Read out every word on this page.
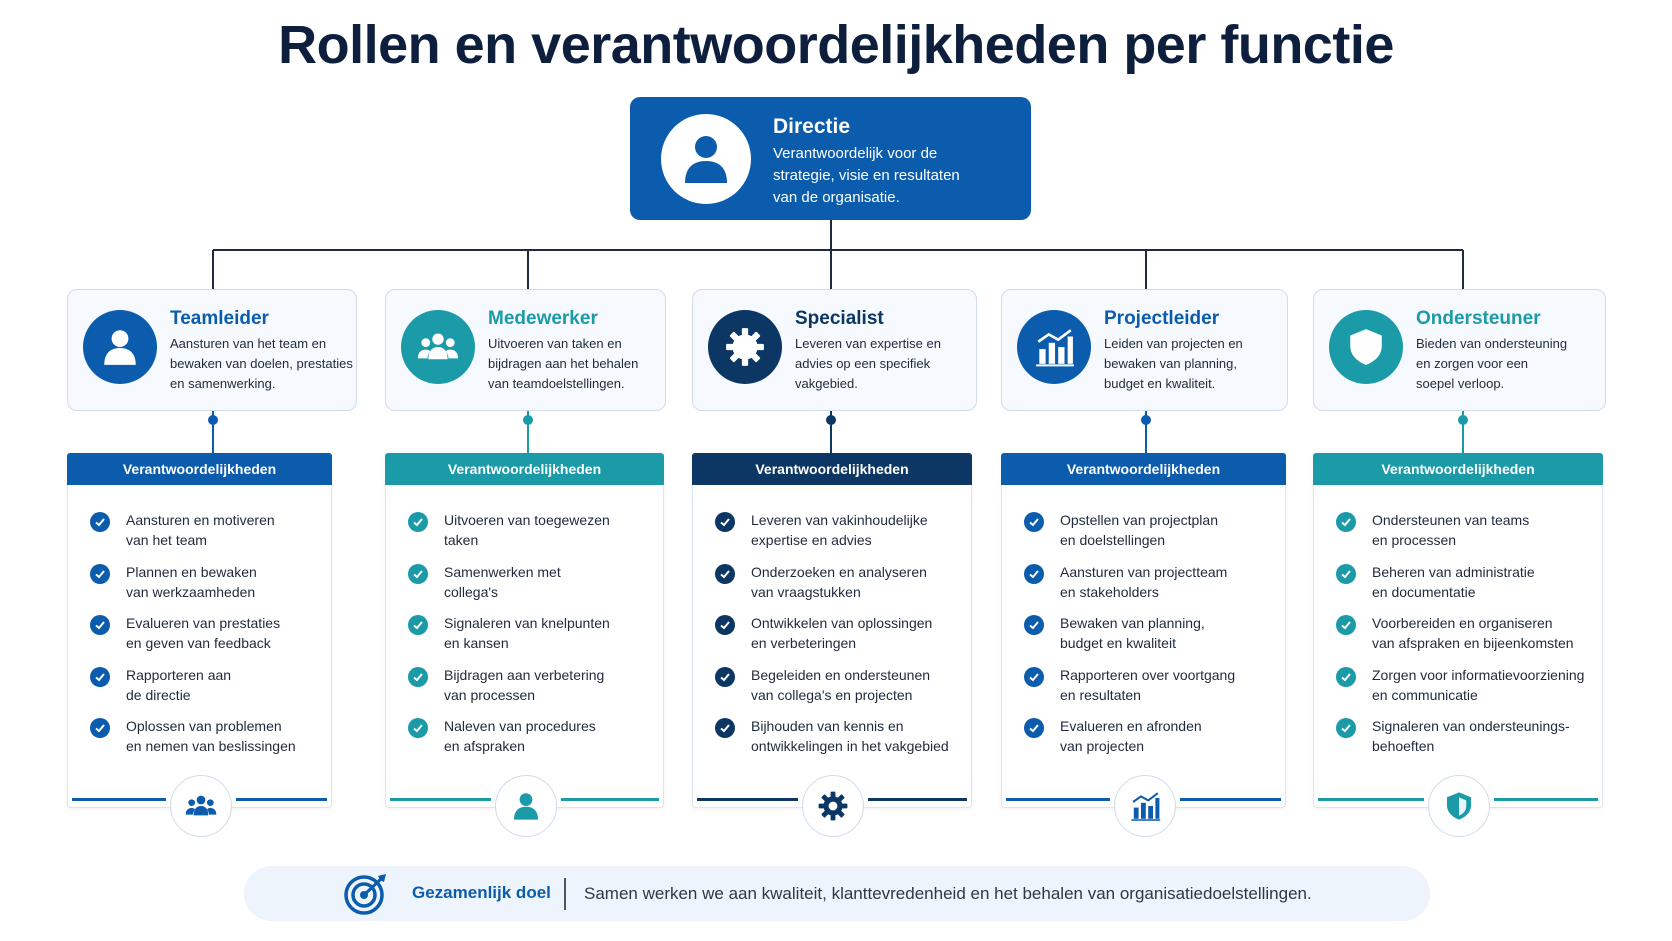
Rollen en verantwoordelijkheden per functie
Directie
Verantwoordelijk voor de
strategie, visie en resultaten
van de organisatie.
Teamleider
Aansturen van het team en
bewaken van doelen, prestaties
en samenwerking.
Verantwoordelijkheden
Aansturen en motiveren
van het team
Plannen en bewaken
van werkzaamheden
Evalueren van prestaties
en geven van feedback
Rapporteren aan
de directie
Oplossen van problemen
en nemen van beslissingen
Medewerker
Uitvoeren van taken en
bijdragen aan het behalen
van teamdoelstellingen.
Verantwoordelijkheden
Uitvoeren van toegewezen
taken
Samenwerken met
collega's
Signaleren van knelpunten
en kansen
Bijdragen aan verbetering
van processen
Naleven van procedures
en afspraken
Specialist
Leveren van expertise en
advies op een specifiek
vakgebied.
Verantwoordelijkheden
Leveren van vakinhoudelijke
expertise en advies
Onderzoeken en analyseren
van vraagstukken
Ontwikkelen van oplossingen
en verbeteringen
Begeleiden en ondersteunen
van collega's en projecten
Bijhouden van kennis en
ontwikkelingen in het vakgebied
Projectleider
Leiden van projecten en
bewaken van planning,
budget en kwaliteit.
Verantwoordelijkheden
Opstellen van projectplan
en doelstellingen
Aansturen van projectteam
en stakeholders
Bewaken van planning,
budget en kwaliteit
Rapporteren over voortgang
en resultaten
Evalueren en afronden
van projecten
Ondersteuner
Bieden van ondersteuning
en zorgen voor een
soepel verloop.
Verantwoordelijkheden
Ondersteunen van teams
en processen
Beheren van administratie
en documentatie
Voorbereiden en organiseren
van afspraken en bijeenkomsten
Zorgen voor informatievoorziening
en communicatie
Signaleren van ondersteunings-
behoeften
Gezamenlijk doel Samen werken we aan kwaliteit, klanttevredenheid en het behalen van organisatiedoelstellingen.
